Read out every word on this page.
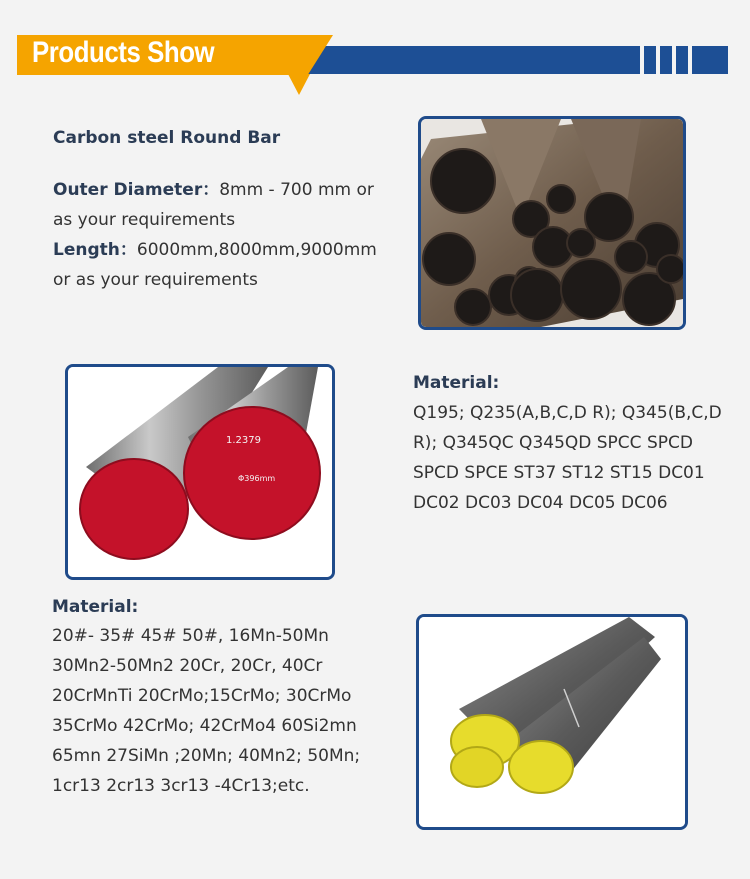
Products Show
Carbon steel Round Bar
Outer Diameter：8mm - 700 mm or
as your requirements
Length：6000mm,8000mm,9000mm
or as your requirements
1.2379
Φ396mm
Material:
Q195; Q235(A,B,C,D R); Q345(B,C,D
R); Q345QC Q345QD SPCC SPCD
SPCD SPCE ST37 ST12 ST15 DC01
DC02 DC03 DC04 DC05 DC06
Material:
20#- 35# 45# 50#, 16Mn-50Mn
30Mn2-50Mn2 20Cr, 20Cr, 40Cr
20CrMnTi 20CrMo;15CrMo; 30CrMo
35CrMo 42CrMo; 42CrMo4 60Si2mn
65mn 27SiMn ;20Mn; 40Mn2; 50Mn;
1cr13 2cr13 3cr13 -4Cr13;etc.
